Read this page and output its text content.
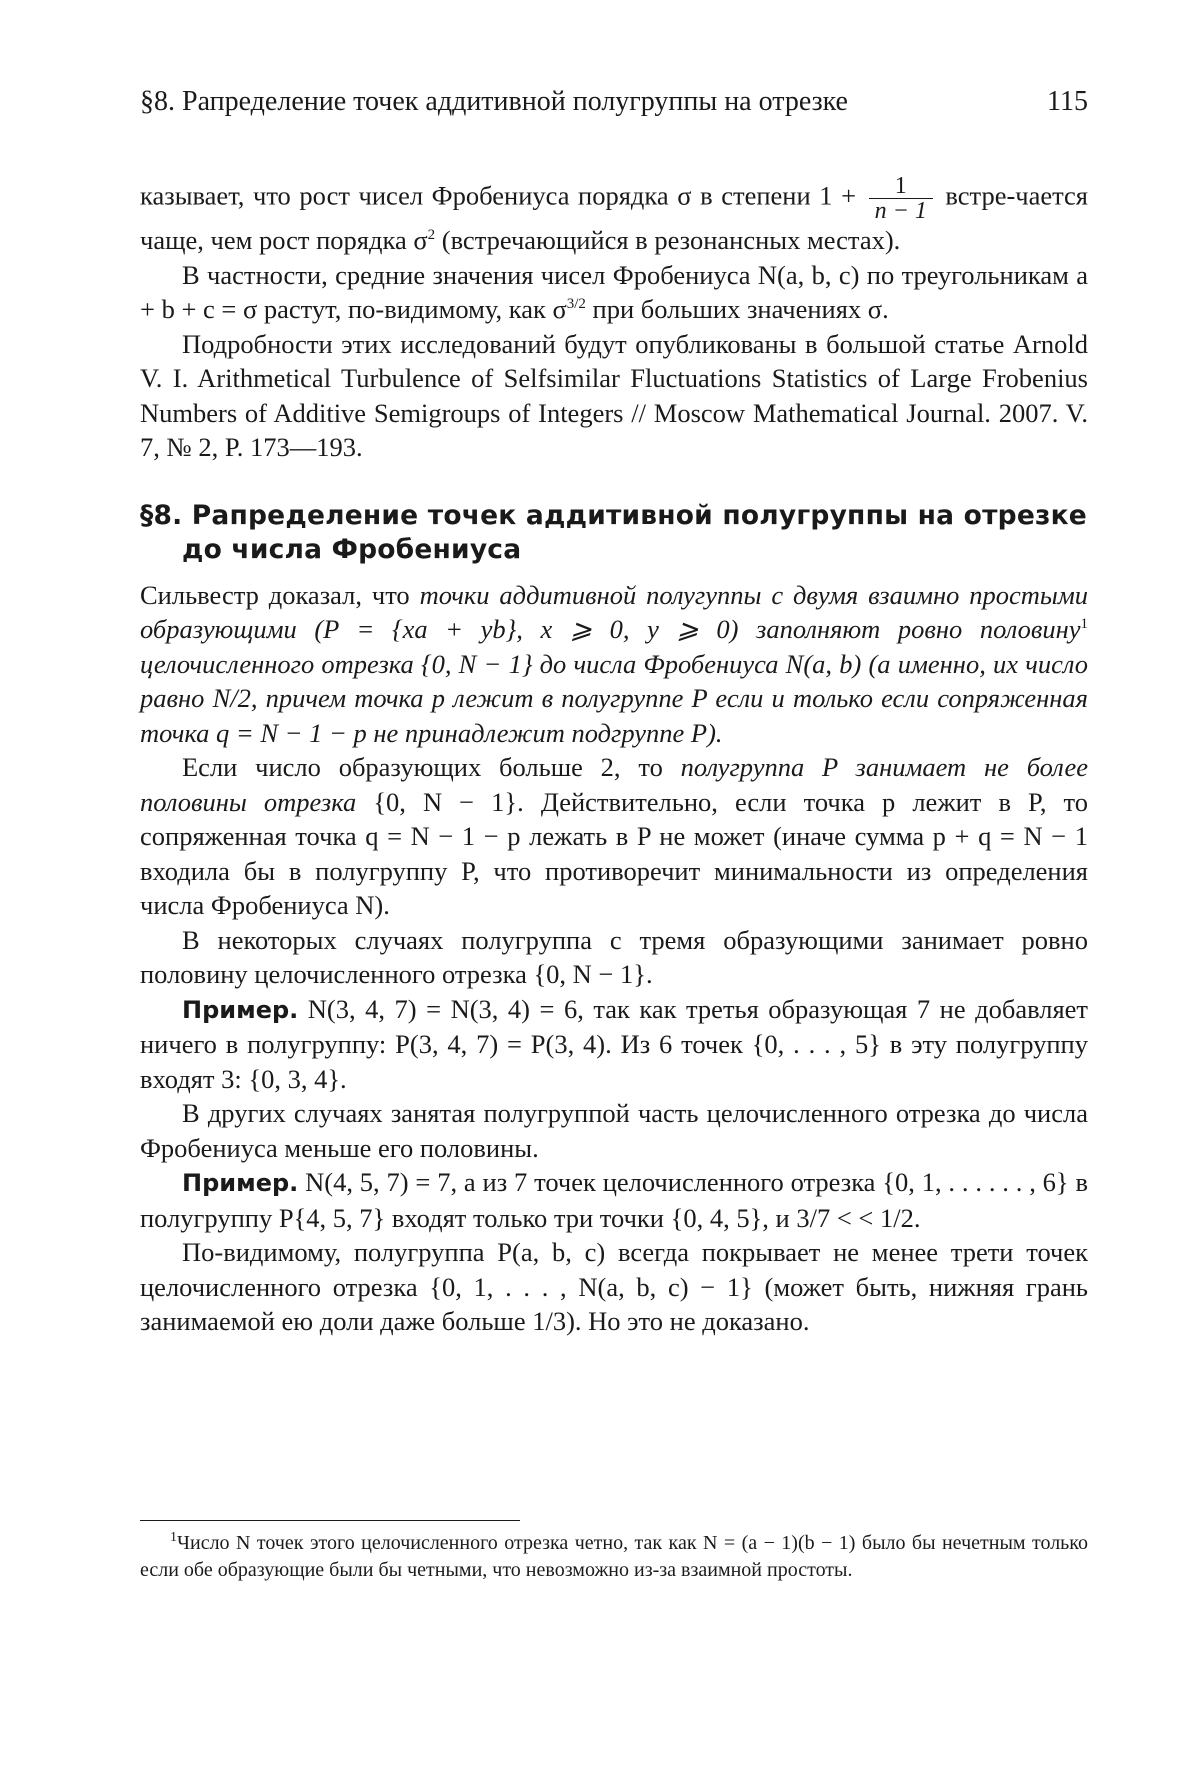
§8. Рапределение точек аддитивной полугруппы на отрезке	115

казывает, что рост чисел Фробениуса порядка σ в степени $1 + \frac{1}{n - 1}$ встре-чается чаще, чем рост порядка $\sigma^2$ (встречающийся в резонансных местах).

В частности, средние значения чисел Фробениуса N(a, b, c) по треугольникам a + b + c = σ растут, по-видимому, как $\sigma^{3/2}$ при больших значениях σ.

Подробности этих исследований будут опубликованы в большой статье Arnold V. I. Arithmetical Turbulence of Selfsimilar Fluctuations Statistics of Large Frobenius Numbers of Additive Semigroups of Integers // Moscow Mathematical Journal. 2007. V. 7, № 2, P. 173—193.

§8. Рапределение точек аддитивной полугруппы на отрезке до числа Фробениуса

Сильвестр доказал, что точки аддитивной полугуппы с двумя взаимно простыми образующими (P = {xa + yb}, x ⩾ 0, y ⩾ 0) заполняют ровно половину$^1$ целочисленного отрезка {0, N − 1} до числа Фробениуса N(a, b) (а именно, их число равно N/2, причем точка p лежит в полугруппе P если и только если сопряженная точка q = N − 1 − p не принадлежит подгруппе P).

Если число образующих больше 2, то полугруппа P занимает не более половины отрезка {0, N − 1}. Действительно, если точка p лежит в P, то сопряженная точка q = N − 1 − p лежать в P не может (иначе сумма p + q = N − 1 входила бы в полугруппу P, что противоречит минимальности из определения числа Фробениуса N).

В некоторых случаях полугруппа с тремя образующими занимает ровно половину целочисленного отрезка {0, N − 1}.

Пример. N(3, 4, 7) = N(3, 4) = 6, так как третья образующая 7 не добавляет ничего в полугруппу: P(3, 4, 7) = P(3, 4). Из 6 точек {0, . . . , 5} в эту полугруппу входят 3: {0, 3, 4}.

В других случаях занятая полугруппой часть целочисленного отрезка до числа Фробениуса меньше его половины.

Пример. N(4, 5, 7) = 7, а из 7 точек целочисленного отрезка {0, 1, . . . . . . , 6} в полугруппу P{4, 5, 7} входят только три точки {0, 4, 5}, и 3/7 < < 1/2.

По-видимому, полугруппа P(a, b, c) всегда покрывает не менее трети точек целочисленного отрезка {0, 1, . . . , N(a, b, c) − 1} (может быть, нижняя грань занимаемой ею доли даже больше 1/3). Но это не доказано.

$^1$Число N точек этого целочисленного отрезка четно, так как N = (a − 1)(b − 1) было бы нечетным только если обе образующие были бы четными, что невозможно из-за взаимной простоты.
